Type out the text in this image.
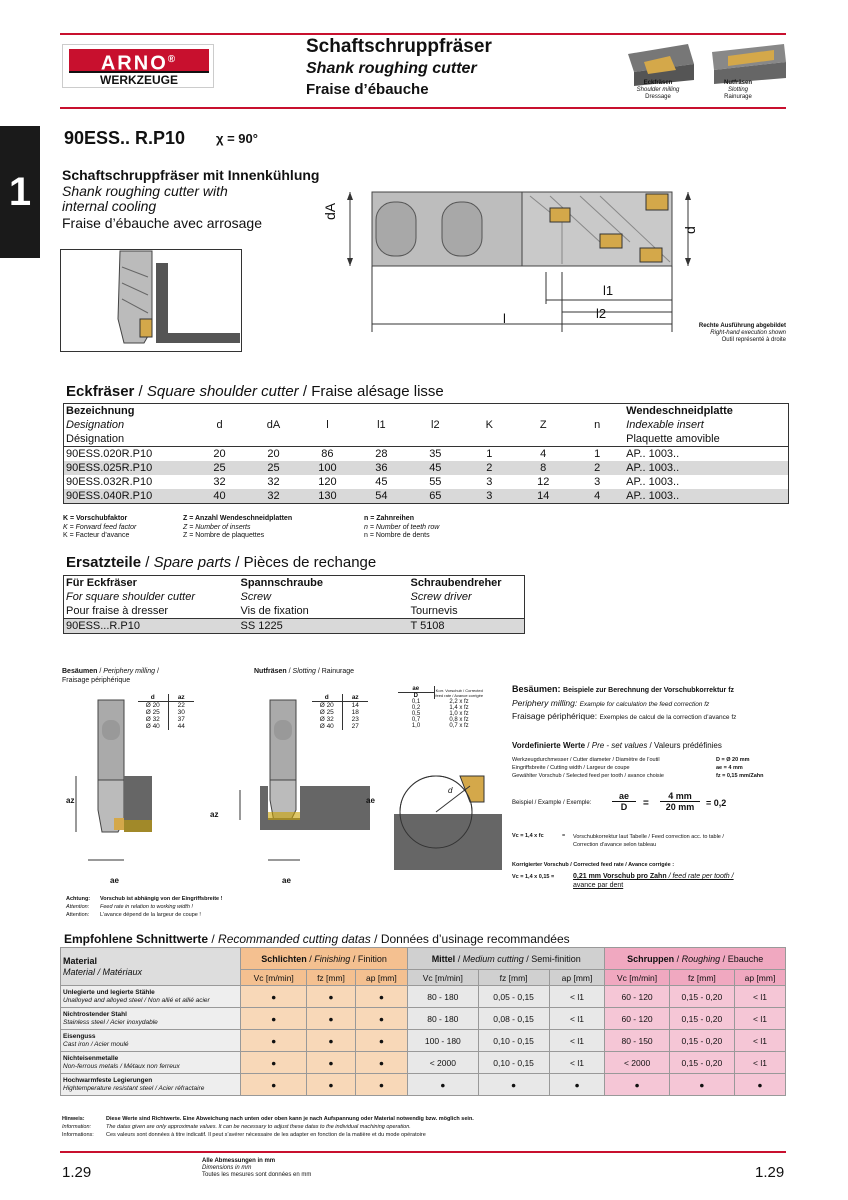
ARNO®
WERKZEUGE
Schaftschruppfräser
Shank roughing cutter
Fraise d’ébauche	Eckfräsen
Shoulder milling
Dressage
Nutfräsen
Slotting
Rainurage
1
90ESS.. R.P10 χ = 90°
Schaftschruppfräser mit Innenkühlung
Shank roughing cutter with
internal cooling
Fraise d’ébauche avec arrosage
dA
d
l1
l2
l	Rechte Ausführung abgebildet
Right-hand execution shown
Outil représenté à droite
Eckfräser / Square shoulder cutter / Fraise alésage lisse
Bezeichnung									Wendeschneidplatte
Designation	d	dA	l	l1	l2	K	Z	n	Indexable insert
Désignation									Plaquette amovible
90ESS.020R.P10	20	20	86	28	35	1	4	1	AP.. 1003..
90ESS.025R.P10	25	25	100	36	45	2	8	2	AP.. 1003..
90ESS.032R.P10	32	32	120	45	55	3	12	3	AP.. 1003..
90ESS.040R.P10	40	32	130	54	65	3	14	4	AP.. 1003..
K = Vorschubfaktor
K = Forward feed factor
K = Facteur d’avance
Z = Anzahl Wendeschneidplatten
Z = Number of inserts
Z = Nombre de plaquettes
n = Zahnreihen
n = Number of teeth row
n = Nombre de dents
Ersatzteile / Spare parts / Pièces de rechange
Für Eckfräser	Spannschraube	Schraubendreher
For square shoulder cutter	Screw	Screw driver
Pour fraise à dresser	Vis de fixation	Tournevis
90ESS...R.P10	SS 1225	T 5108
Besäumen / Periphery milling /
Fraisage périphérique
d	az
Ø 20	22
Ø 25	30
Ø 32	37
Ø 40	44
az
ae
Nutfräsen / Slotting / Rainurage
d	az
Ø 20	14
Ø 25	18
Ø 32	23
Ø 40	27
az
ae
ae	Korr. Vorschub / Corrected feed rate / Avance corrigée
D	
0,1	2,2 x fz
0,2	1,4 x fz
0,5	1,0 x fz
0,7	0,8 x fz
1,0	0,7 x fz
ae
d
Besäumen: Beispiele zur Berechnung der Vorschubkorrektur fz
Periphery milling: Example for calculation the feed correction fz
Fraisage périphérique: Exemples de calcul de la correction d’avance fz
Vordefinierte Werte / Pre - set values / Valeurs prédéfinies
Werkzeugdurchmesser / Cutter diameter / Diamètre de l’outil
Eingriffsbreite / Cutting width / Largeur de coupe
Gewählter Vorschub / Selected feed per tooth / avance choisie
D = Ø 20 mm
ae = 4 mm
fz = 0,15 mm/Zahn
Beispiel / Example / Exemple: $\frac{ae}{D} = \frac{4 mm}{20 mm} = 0,2$
Vc = 1,4 x fc	= Vorschubkorrektur laut Tabelle / Feed correction acc. to table /
Correction d’avance selon tableau
Korrigierter Vorschub / Corrected feed rate / Avance corrigée :
Vc = 1,4 x 0,15 =	0,21 mm Vorschub pro Zahn / feed rate per tooth /
avance par dent
Achtung: Vorschub ist abhängig von der Eingriffsbreite !
Attention: Feed rate in relation to working width !
Attention: L’avance dépend de la largeur de coupe !
Empfohlene Schnittwerte / Recommanded cutting datas / Données d’usinage recommandées
Material
Material / Matériaux	Schlichten / Finishing / Finition			Mittel / Medium cutting / Semi-finition			Schruppen / Roughing / Ebauche		
	Vc [m/min]	fz [mm]	ap [mm]	Vc [m/min]	fz [mm]	ap [mm]	Vc [m/min]	fz [mm]	ap [mm]
Unlegierte und legierte Stähle
Unalloyed and alloyed steel / Non allié et allié acier	●	●	●	80 - 180	0,05 - 0,15	< l1	60 - 120	0,15 - 0,20	< l1
Nichtrostender Stahl
Stainless steel / Acier inoxydable	●	●	●	80 - 180	0,08 - 0,15	< l1	60 - 120	0,15 - 0,20	< l1
Eisenguss
Cast iron / Acier moulé	●	●	●	100 - 180	0,10 - 0,15	< l1	80 - 150	0,15 - 0,20	< l1
Nichteisenmetalle
Non-ferrous metals / Métaux non ferreux	●	●	●	< 2000	0,10 - 0,15	< l1	< 2000	0,15 - 0,20	< l1
Hochwarmfeste Legierungen
Hightemperature resistant steel / Acier réfractaire	●	●	●	●	●	●	●	●	●
Hinweis:	Diese Werte sind Richtwerte. Eine Abweichung nach unten oder oben kann je nach Aufspannung oder Material notwendig bzw. möglich sein.
Information:	The datas given are only approximate values. It can be necessary to adjust these datas to the individual machining operation.
Informations: Ces valeurs sont données à titre indicatif. Il peut s’avérer nécessaire de les adapter en fonction de la matière et du mode opératoire
1.29
Alle Abmessungen in mm
Dimensions in mm
Toutes les mesures sont données en mm	1.29
